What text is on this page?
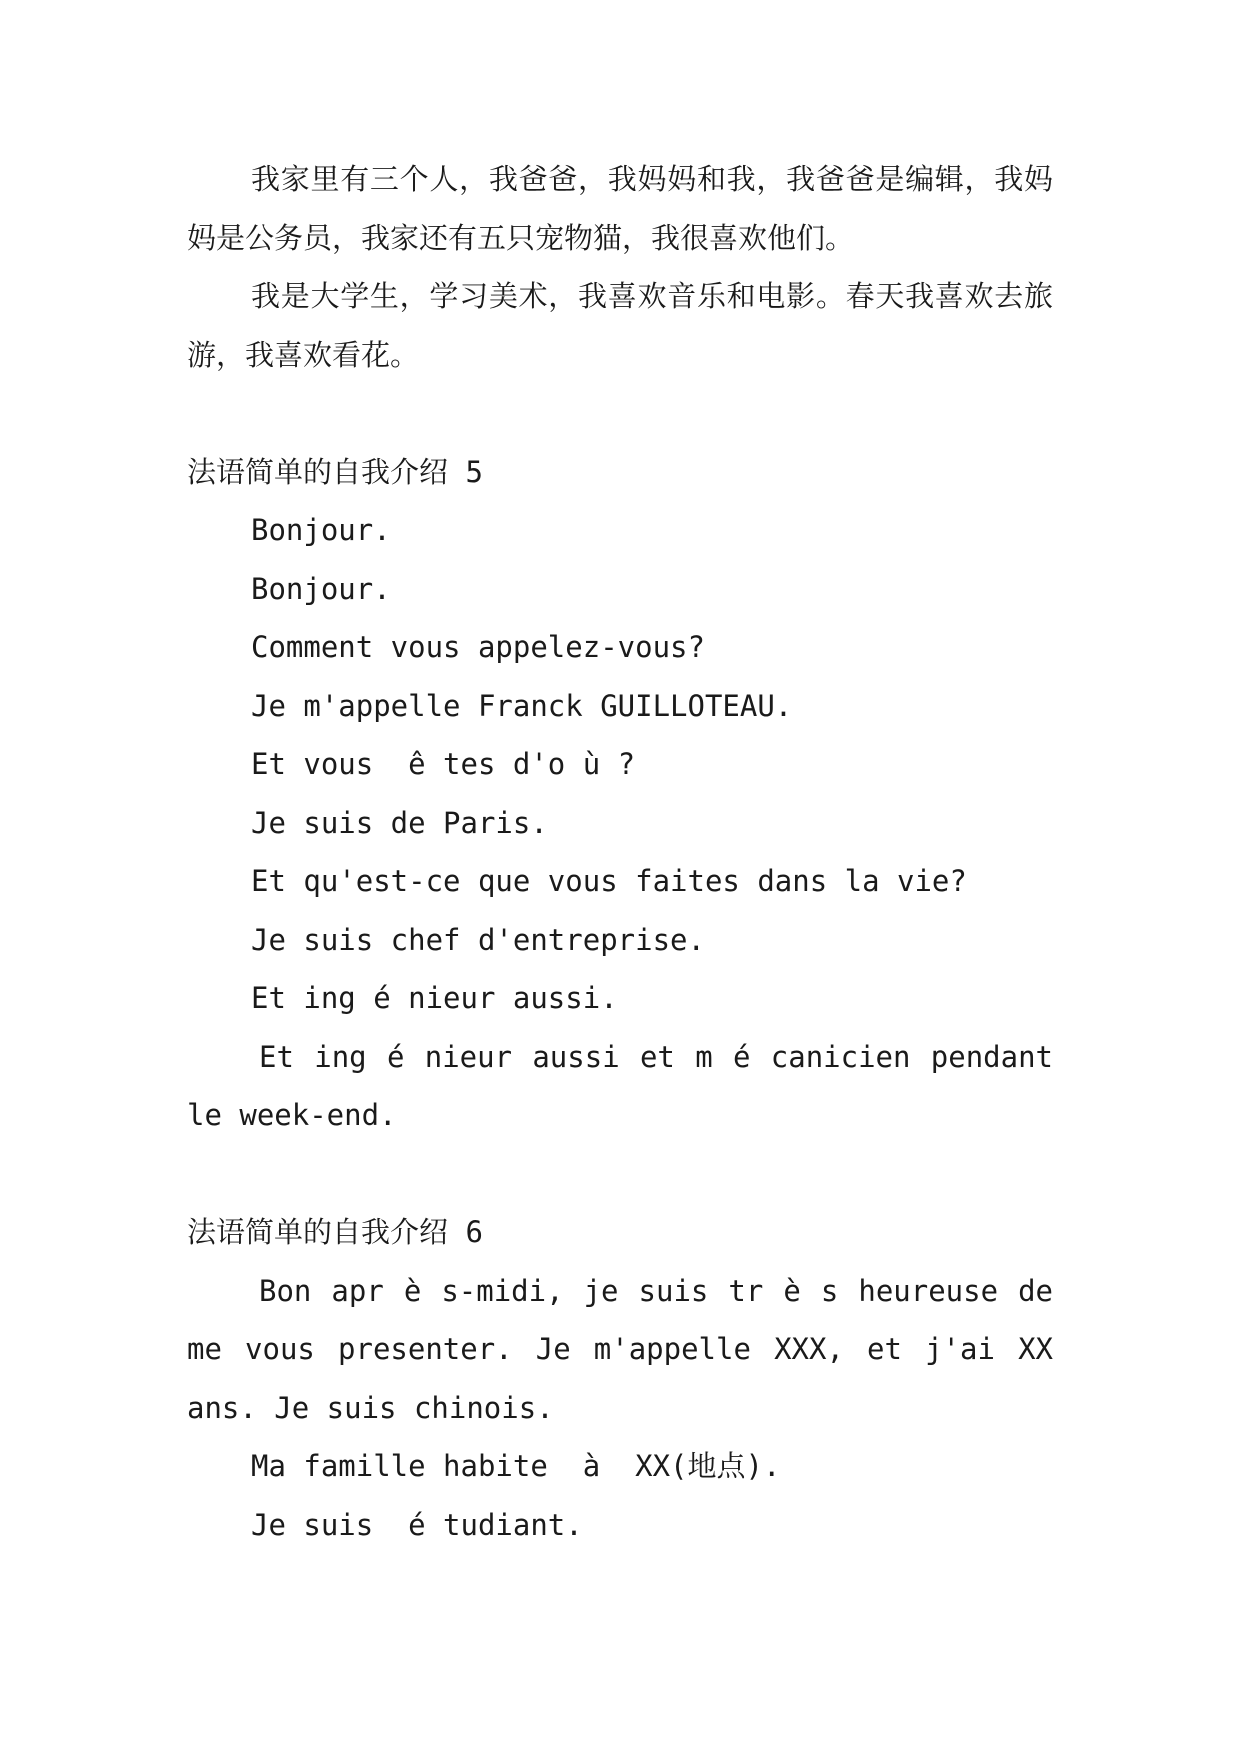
我家里有三个人，我爸爸，我妈妈和我，我爸爸是编辑，我妈妈是公务员，我家还有五只宠物猫，我很喜欢他们。

我是大学生，学习美术，我喜欢音乐和电影。春天我喜欢去旅游，我喜欢看花。

法语简单的自我介绍 5

Bonjour.

Bonjour.

Comment vous appelez-vous?

Je m'appelle Franck GUILLOTEAU.

Et vous  ê tes d'o ù ?

Je suis de Paris.

Et qu'est-ce que vous faites dans la vie?

Je suis chef d'entreprise.

Et ing é nieur aussi.

Et ing é nieur aussi et m é canicien pendant le week-end.

法语简单的自我介绍 6

Bon apr è s-midi, je suis tr è s heureuse de me vous presenter. Je m'appelle XXX, et j'ai XX ans. Je suis chinois.

Ma famille habite  à  XX(地点).

Je suis  é tudiant.
